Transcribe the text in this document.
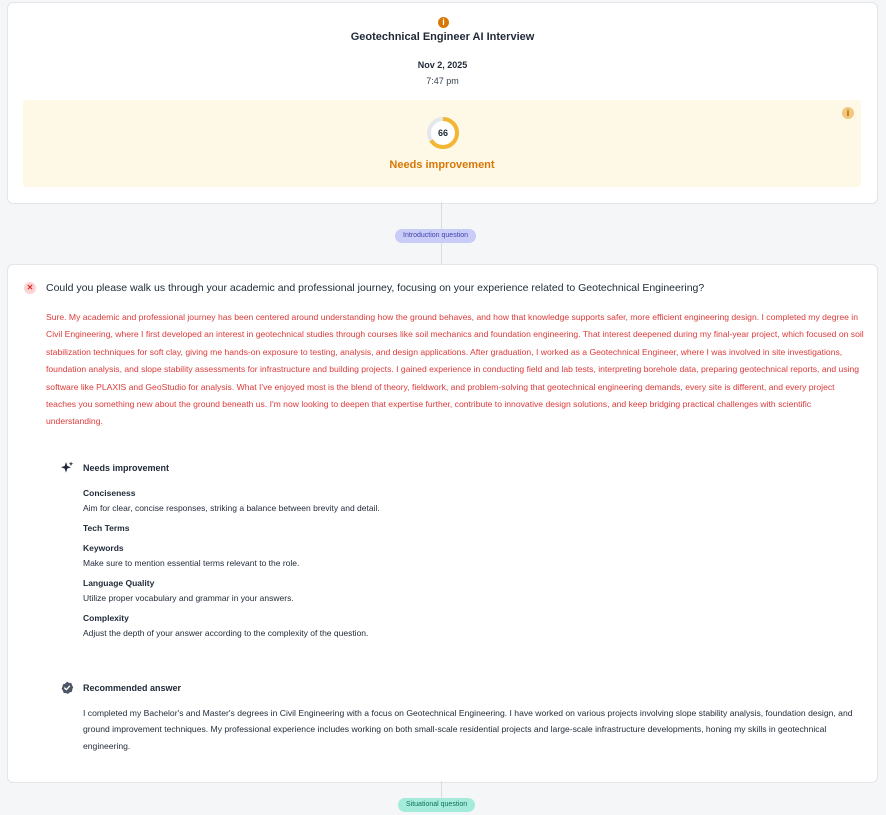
i
Geotechnical Engineer AI Interview
Nov 2, 2025
7:47 pm
i
66
Needs improvement
Introduction question
✕ Could you please walk us through your academic and professional journey, focusing on your experience related to Geotechnical Engineering?
Sure. My academic and professional journey has been centered around understanding how the ground behaves, and how that knowledge supports safer, more efficient engineering design. I completed my degree in Civil Engineering, where I first developed an interest in geotechnical studies through courses like soil mechanics and foundation engineering. That interest deepened during my final-year project, which focused on soil stabilization techniques for soft clay, giving me hands-on exposure to testing, analysis, and design applications. After graduation, I worked as a Geotechnical Engineer, where I was involved in site investigations, foundation analysis, and slope stability assessments for infrastructure and building projects. I gained experience in conducting field and lab tests, interpreting borehole data, preparing geotechnical reports, and using software like PLAXIS and GeoStudio for analysis. What I've enjoyed most is the blend of theory, fieldwork, and problem-solving that geotechnical engineering demands, every site is different, and every project teaches you something new about the ground beneath us. I'm now looking to deepen that expertise further, contribute to innovative design solutions, and keep bridging practical challenges with scientific understanding.
Needs improvement
Conciseness
Aim for clear, concise responses, striking a balance between brevity and detail.
Tech Terms
Keywords
Make sure to mention essential terms relevant to the role.
Language Quality
Utilize proper vocabulary and grammar in your answers.
Complexity
Adjust the depth of your answer according to the complexity of the question.
Recommended answer
I completed my Bachelor's and Master's degrees in Civil Engineering with a focus on Geotechnical Engineering. I have worked on various projects involving slope stability analysis, foundation design, and ground improvement techniques. My professional experience includes working on both small-scale residential projects and large-scale infrastructure developments, honing my skills in geotechnical engineering.
Situational question
